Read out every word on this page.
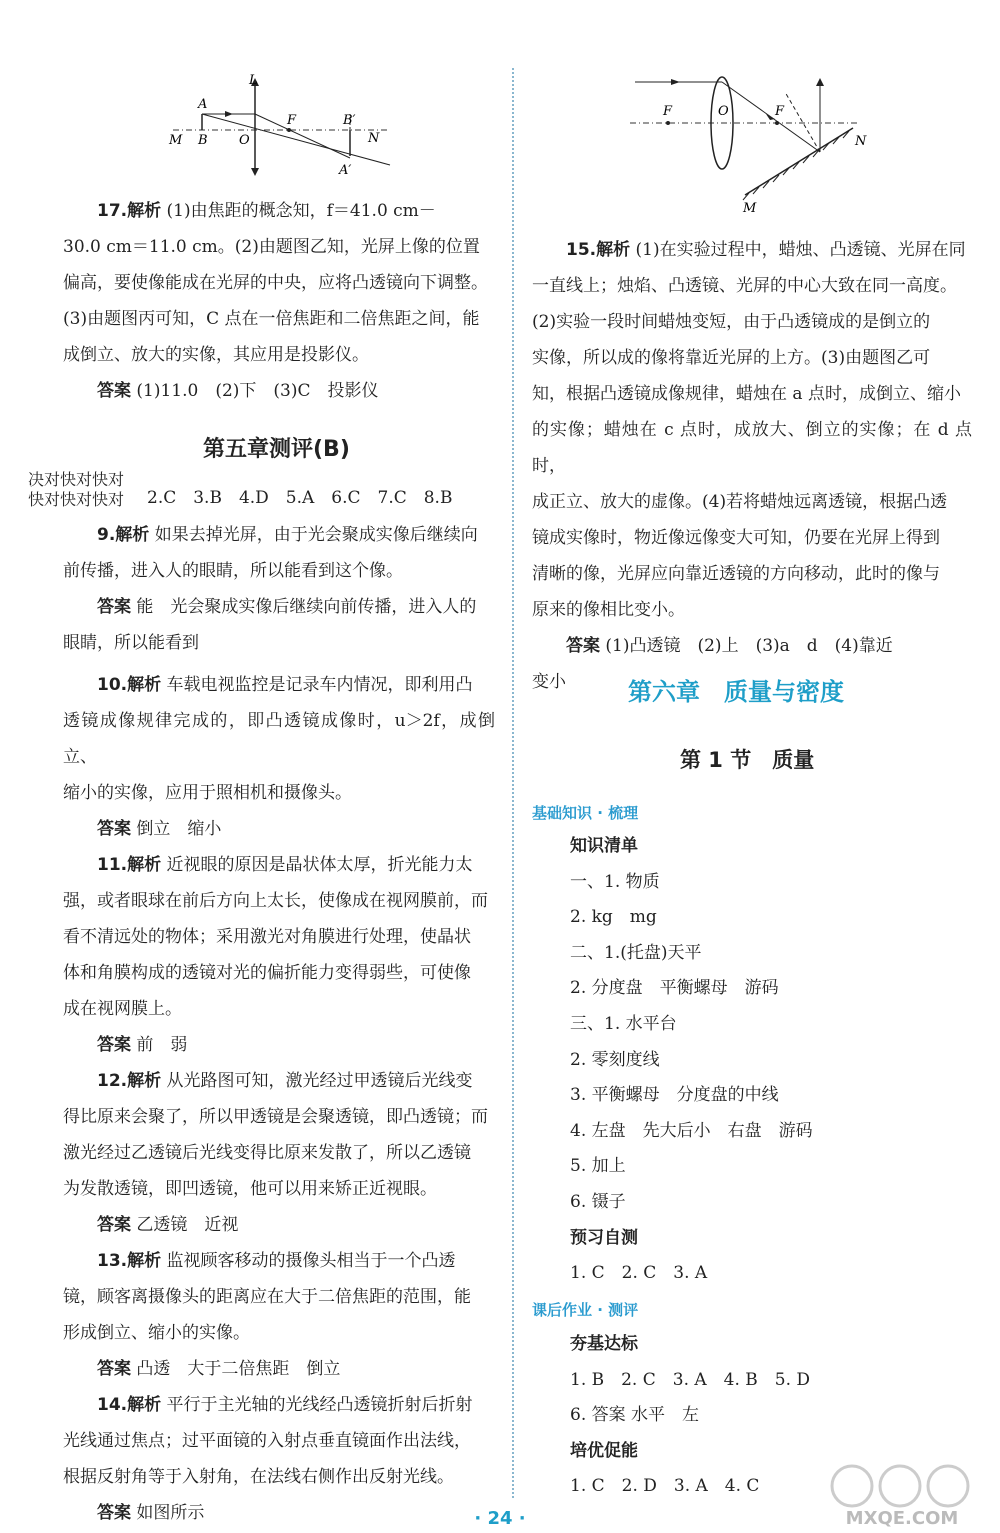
L
A
M B O
F	B′
N
A′
F	O	F
N
M

17.解析 (1)由焦距的概念知，f＝41.0 cm－

30.0 cm＝11.0 cm。(2)由题图乙知，光屏上像的位置

偏高，要使像能成在光屏的中央，应将凸透镜向下调整。

(3)由题图丙可知，C 点在一倍焦距和二倍焦距之间，能

成倒立、放大的实像，其应用是投影仪。

答案 (1)11.0　(2)下　(3)C　投影仪

第五章测评(B)

2.C　3.B　4.D　5.A　6.C　7.C　8.B

9.解析 如果去掉光屏，由于光会聚成实像后继续向

前传播，进入人的眼睛，所以能看到这个像。

答案 能　光会聚成实像后继续向前传播，进入人的

眼睛，所以能看到

10.解析 车载电视监控是记录车内情况，即利用凸

透镜成像规律完成的，即凸透镜成像时，u＞2f，成倒立、

缩小的实像，应用于照相机和摄像头。

答案 倒立　缩小

11.解析 近视眼的原因是晶状体太厚，折光能力太

强，或者眼球在前后方向上太长，使像成在视网膜前，而

看不清远处的物体；采用激光对角膜进行处理，使晶状

体和角膜构成的透镜对光的偏折能力变得弱些，可使像

成在视网膜上。

答案 前　弱

12.解析 从光路图可知，激光经过甲透镜后光线变

得比原来会聚了，所以甲透镜是会聚透镜，即凸透镜；而

激光经过乙透镜后光线变得比原来发散了，所以乙透镜

为发散透镜，即凹透镜，他可以用来矫正近视眼。

答案 乙透镜　近视

13.解析 监视顾客移动的摄像头相当于一个凸透

镜，顾客离摄像头的距离应在大于二倍焦距的范围，能

形成倒立、缩小的实像。

答案 凸透　大于二倍焦距　倒立

14.解析 平行于主光轴的光线经凸透镜折射后折射

光线通过焦点；过平面镜的入射点垂直镜面作出法线，

根据反射角等于入射角，在法线右侧作出反射光线。

答案 如图所示

决对快对快对
快对快对快对

15.解析 (1)在实验过程中，蜡烛、凸透镜、光屏在同

一直线上；烛焰、凸透镜、光屏的中心大致在同一高度。

(2)实验一段时间蜡烛变短，由于凸透镜成的是倒立的

实像，所以成的像将靠近光屏的上方。(3)由题图乙可

知，根据凸透镜成像规律，蜡烛在 a 点时，成倒立、缩小

的实像；蜡烛在 c 点时，成放大、倒立的实像；在 d 点时，

成正立、放大的虚像。(4)若将蜡烛远离透镜，根据凸透

镜成实像时，物近像远像变大可知，仍要在光屏上得到

清晰的像，光屏应向靠近透镜的方向移动，此时的像与

原来的像相比变小。

答案 (1)凸透镜　(2)上　(3)a　d　(4)靠近

变小	第六章　质量与密度
第 1 节　质量
基础知识 · 梳理
知识清单
一、1. 物质
2. kg　mg
二、1.(托盘)天平
2. 分度盘　平衡螺母　游码
三、1. 水平台
2. 零刻度线
3. 平衡螺母　分度盘的中线
4. 左盘　先大后小　右盘　游码
5. 加上
6. 镊子
预习自测
1. C　2. C　3. A
课后作业 · 测评
夯基达标
1. B　2. C　3. A　4. B　5. D
6. 答案 水平　左
培优促能
1. C　2. D　3. A　4. C
· 24 ·	MXQE.COM
